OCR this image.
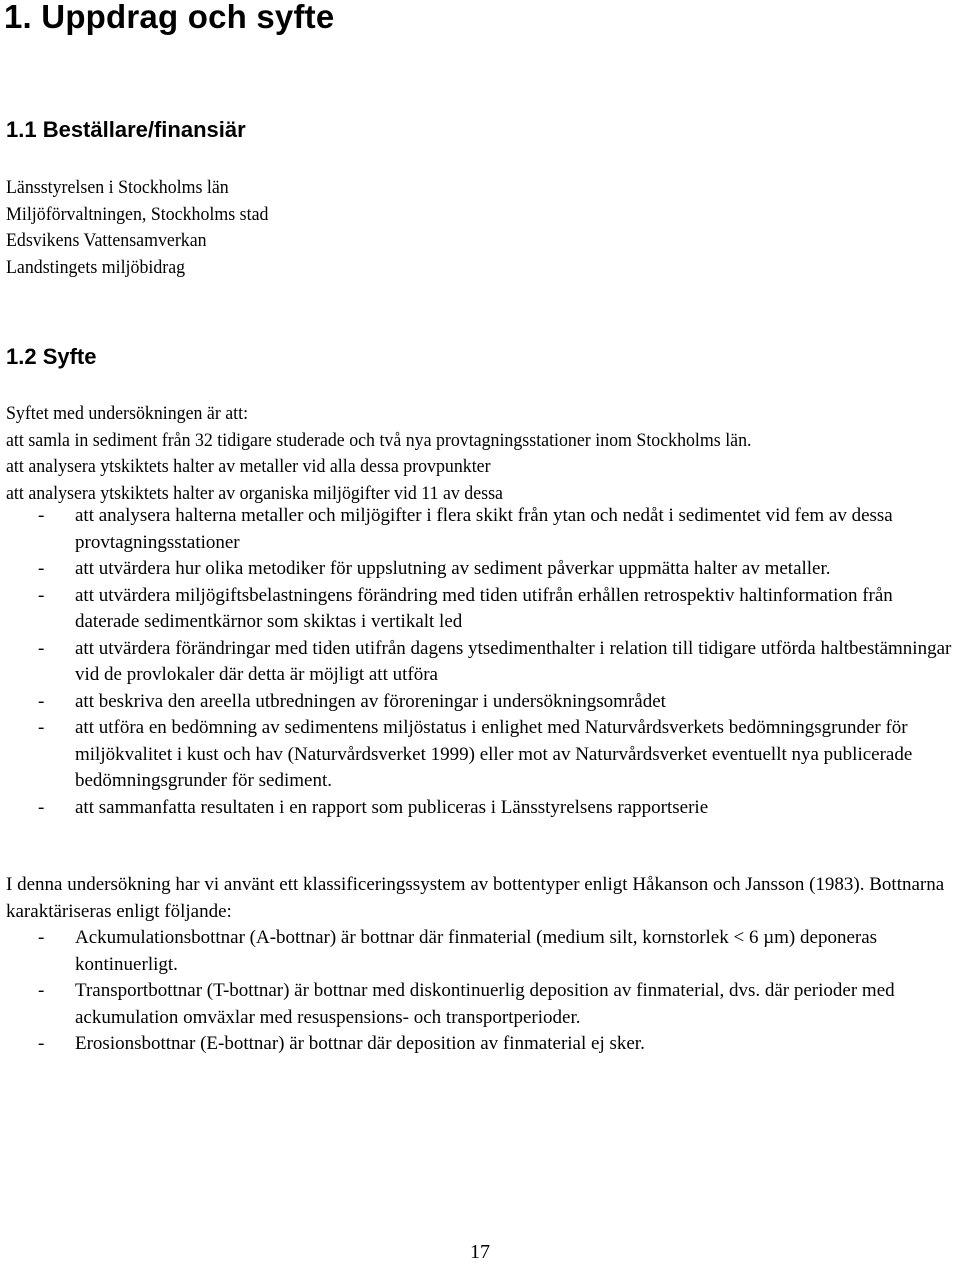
1. Uppdrag och syfte
1.1 Beställare/finansiär
Länsstyrelsen i Stockholms län
Miljöförvaltningen, Stockholms stad
Edsvikens Vattensamverkan
Landstingets miljöbidrag
1.2 Syfte
Syftet med undersökningen är att:
att samla in sediment från 32 tidigare studerade och två nya provtagningsstationer inom Stockholms län.
att analysera ytskiktets halter av metaller vid alla dessa provpunkter
att analysera ytskiktets halter av organiska miljögifter vid 11 av dessa
- att analysera halterna metaller och miljögifter i flera skikt från ytan och nedåt i sedimentet vid fem av dessa provtagningsstationer
- att utvärdera hur olika metodiker för uppslutning av sediment påverkar uppmätta halter av metaller.
- att utvärdera miljögiftsbelastningens förändring med tiden utifrån erhållen retrospektiv haltinformation från daterade sedimentkärnor som skiktas i vertikalt led
- att utvärdera förändringar med tiden utifrån dagens ytsedimenthalter i relation till tidigare utförda haltbestämningar vid de provlokaler där detta är möjligt att utföra
- att beskriva den areella utbredningen av föroreningar i undersökningsområdet
- att utföra en bedömning av sedimentens miljöstatus i enlighet med Naturvårdsverkets bedömningsgrunder för miljökvalitet i kust och hav (Naturvårdsverket 1999) eller mot av Naturvårdsverket eventuellt nya publicerade bedömningsgrunder för sediment.
- att sammanfatta resultaten i en rapport som publiceras i Länsstyrelsens rapportserie

I denna undersökning har vi använt ett klassificeringssystem av bottentyper enligt Håkanson och Jansson (1983). Bottnarna karaktäriseras enligt följande:

- Ackumulationsbottnar (A-bottnar) är bottnar där finmaterial (medium silt, kornstorlek < 6 µm) deponeras kontinuerligt.
- Transportbottnar (T-bottnar) är bottnar med diskontinuerlig deposition av finmaterial, dvs. där perioder med ackumulation omväxlar med resuspensions- och transportperioder.
- Erosionsbottnar (E-bottnar) är bottnar där deposition av finmaterial ej sker.
17
